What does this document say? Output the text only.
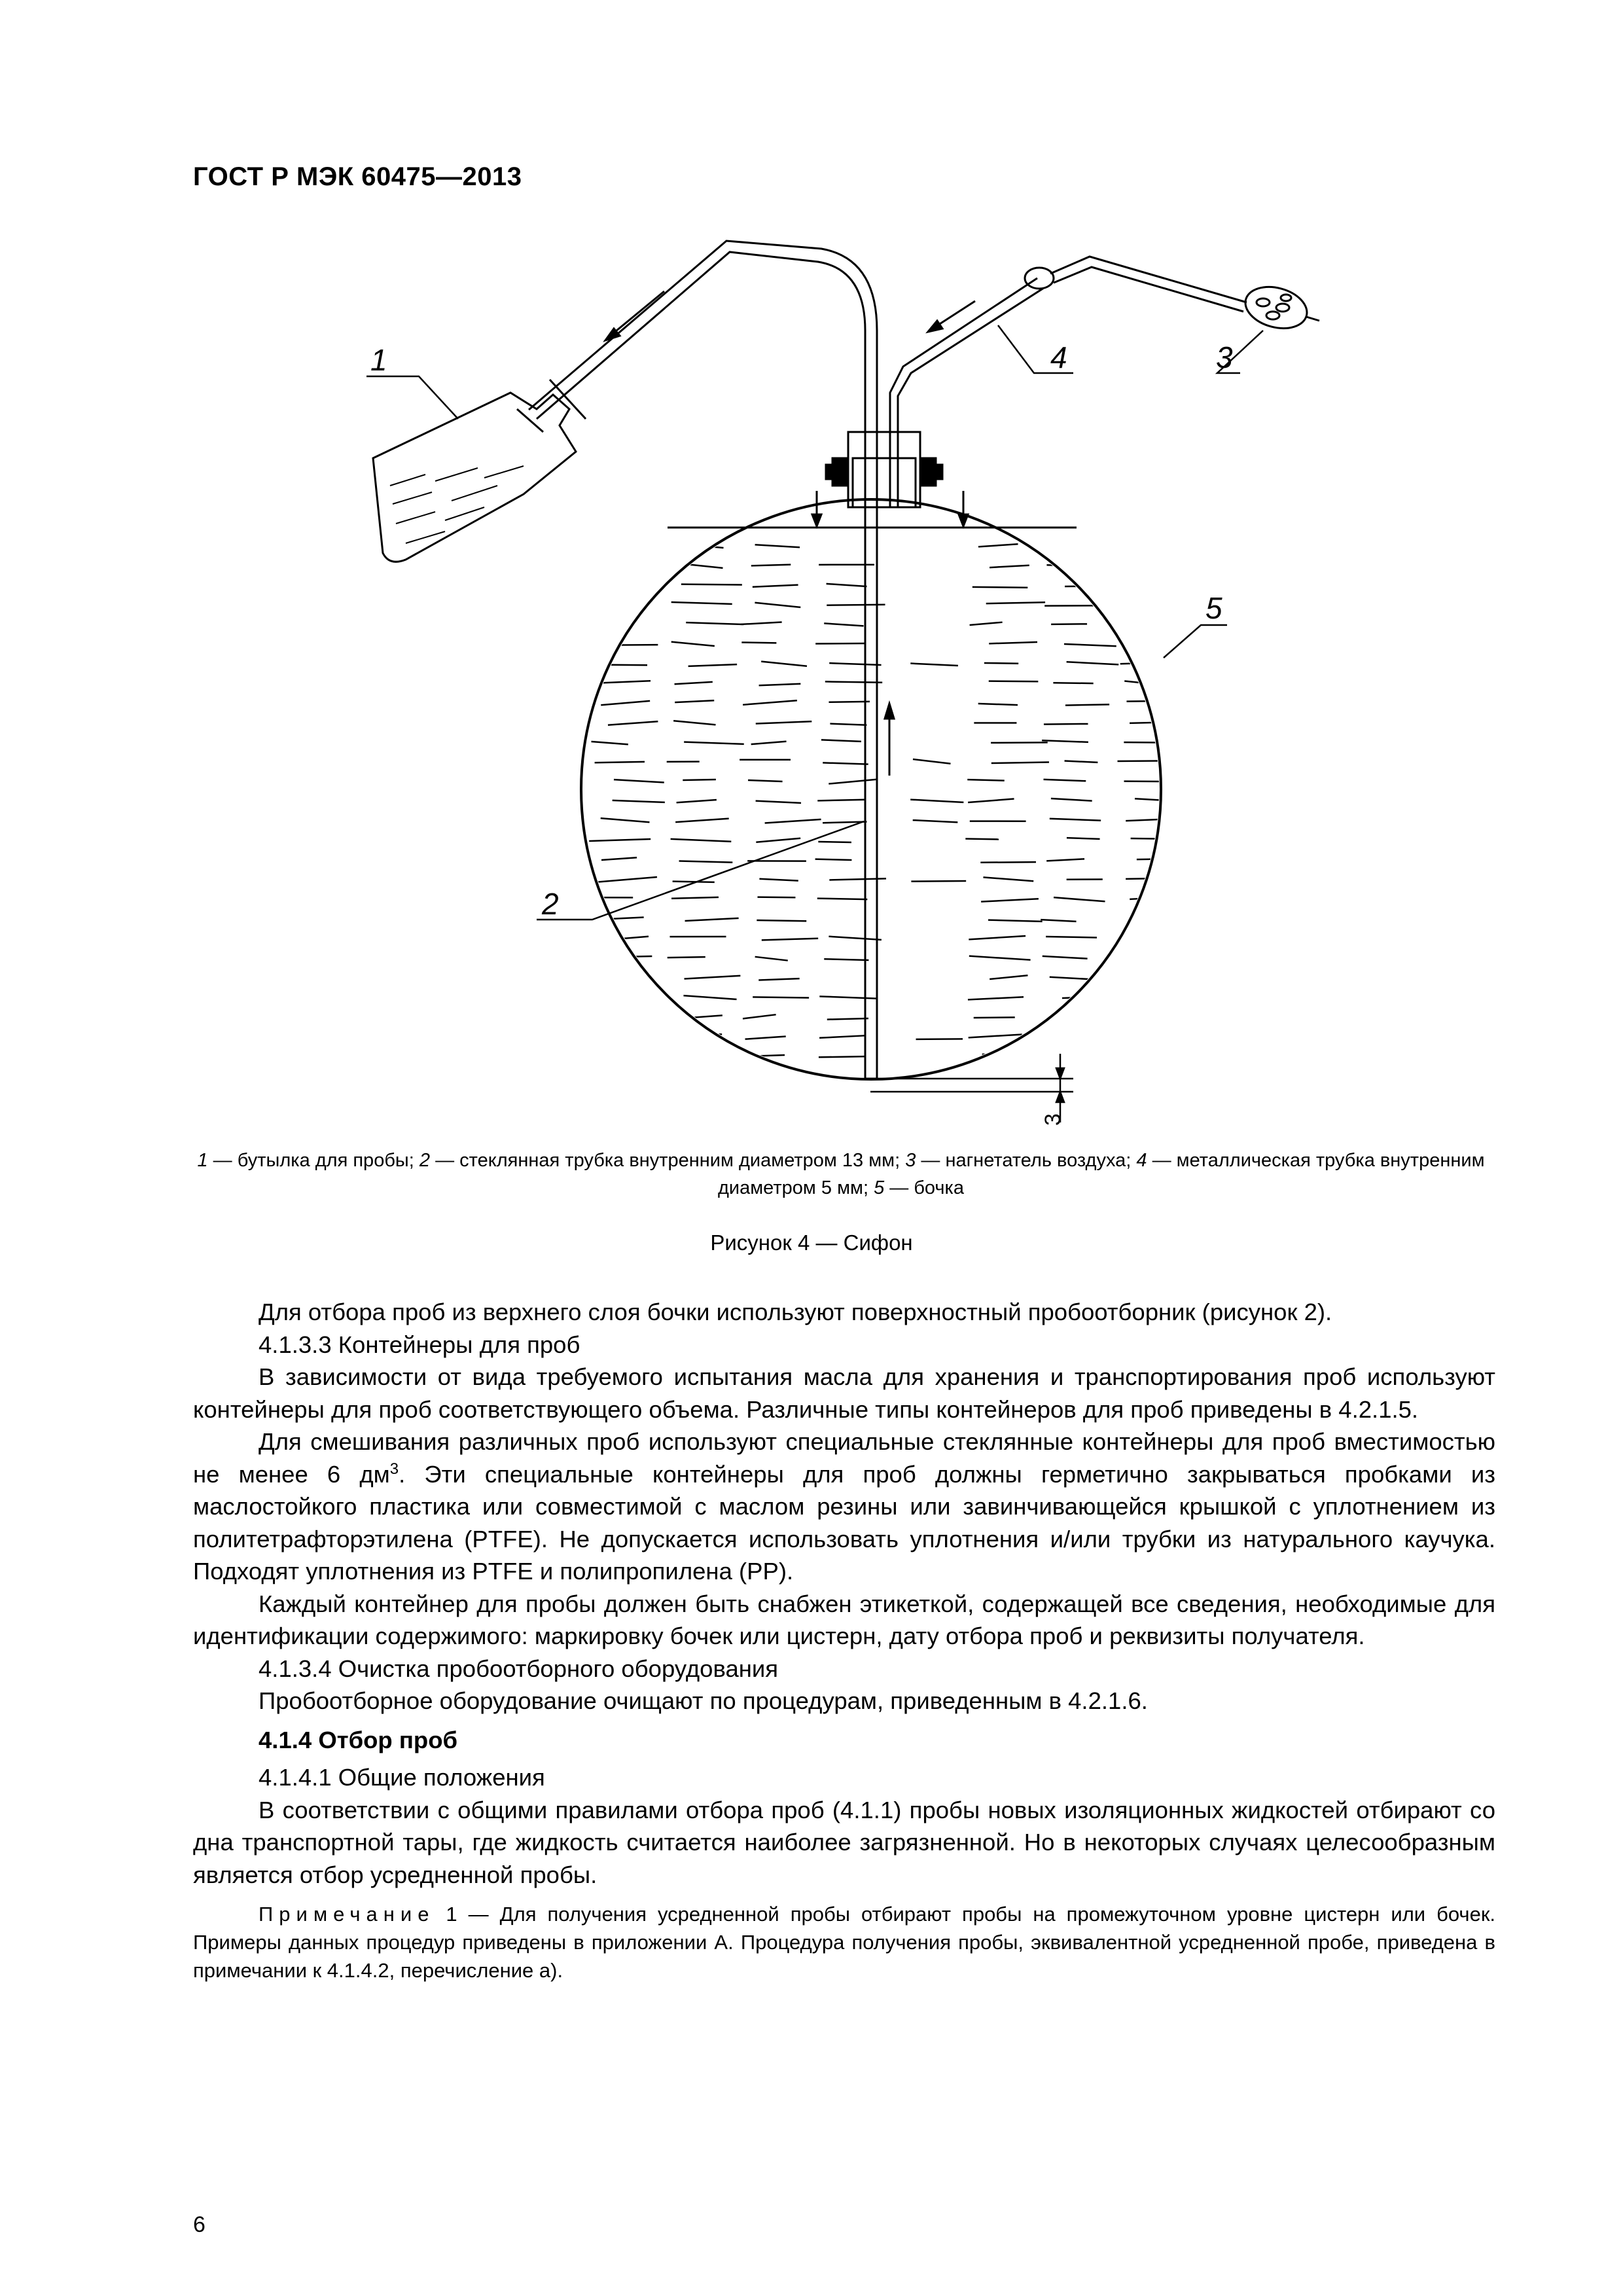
ГОСТ Р МЭК 60475—2013
3
1
2
3
4
5
1 — бутылка для пробы; 2 — стеклянная трубка внутренним диаметром 13 мм; 3 — нагнетатель воздуха; 4 — металлическая трубка внутренним диаметром 5 мм; 5 — бочка
Рисунок 4 — Сифон

Для отбора проб из верхнего слоя бочки используют поверхностный пробоотборник (рисунок 2).

4.1.3.3 Контейнеры для проб

В зависимости от вида требуемого испытания масла для хранения и транспортирования проб используют контейнеры для проб соответствующего объема. Различные типы контейнеров для проб приведены в 4.2.1.5.

Для смешивания различных проб используют специальные стеклянные контейнеры для проб вместимостью не менее 6 $дм^3$. Эти специальные контейнеры для проб должны герметично закрываться пробками из маслостойкого пластика или совместимой с маслом резины или завинчивающейся крышкой с уплотнением из политетрафторэтилена (PTFE). Не допускается использовать уплотнения и/или трубки из натурального каучука. Подходят уплотнения из PTFE и полипропилена (PP).

Каждый контейнер для пробы должен быть снабжен этикеткой, содержащей все сведения, необходимые для идентификации содержимого: маркировку бочек или цистерн, дату отбора проб и реквизиты получателя.

4.1.3.4 Очистка пробоотборного оборудования

Пробоотборное оборудование очищают по процедурам, приведенным в 4.2.1.6.

4.1.4 Отбор проб

4.1.4.1 Общие положения

В соответствии с общими правилами отбора проб (4.1.1) пробы новых изоляционных жидкостей отбирают со дна транспортной тары, где жидкость считается наиболее загрязненной. Но в некоторых случаях целесообразным является отбор усредненной пробы.

Примечание 1 — Для получения усредненной пробы отбирают пробы на промежуточном уровне цистерн или бочек. Примеры данных процедур приведены в приложении А. Процедура получения пробы, эквивалентной усредненной пробе, приведена в примечании к 4.1.4.2, перечисление а).

6
